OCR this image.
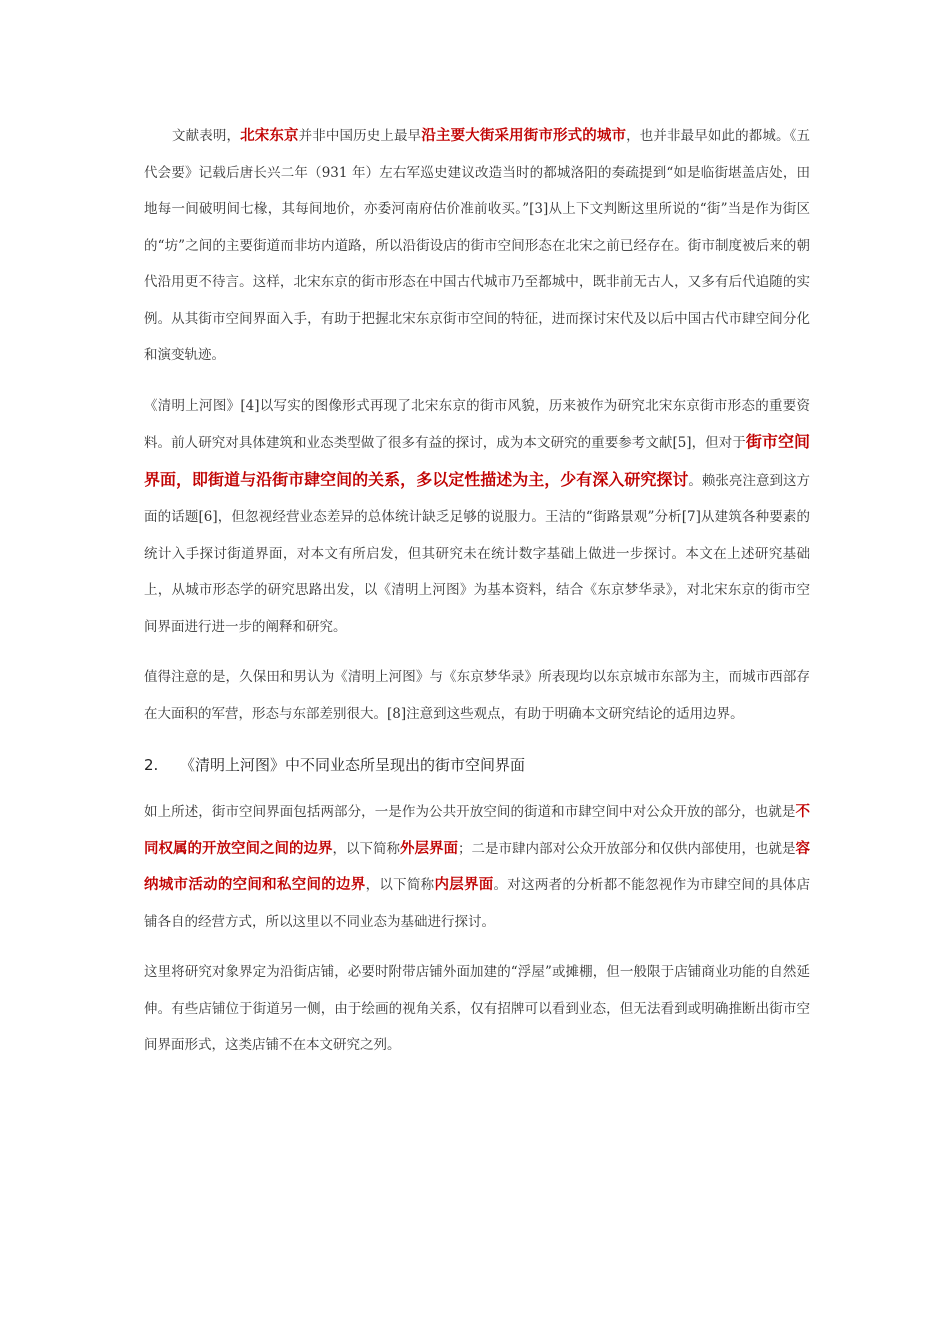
文献表明，北宋东京并非中国历史上最早沿主要大街采用街市形式的城市，也并非最早如此的都城。《五代会要》记载后唐长兴二年（931 年）左右军巡史建议改造当时的都城洛阳的奏疏提到“如是临街堪盖店处，田地每一间破明间七椽，其每间地价，亦委河南府估价准前收买。”[3]从上下文判断这里所说的“街”当是作为街区的“坊”之间的主要街道而非坊内道路，所以沿街设店的街市空间形态在北宋之前已经存在。街市制度被后来的朝代沿用更不待言。这样，北宋东京的街市形态在中国古代城市乃至都城中，既非前无古人，又多有后代追随的实例。从其街市空间界面入手，有助于把握北宋东京街市空间的特征，进而探讨宋代及以后中国古代市肆空间分化和演变轨迹。

《清明上河图》[4]以写实的图像形式再现了北宋东京的街市风貌，历来被作为研究北宋东京街市形态的重要资料。前人研究对具体建筑和业态类型做了很多有益的探讨，成为本文研究的重要参考文献[5]，但对于街市空间界面，即街道与沿街市肆空间的关系，多以定性描述为主，少有深入研究探讨。赖张亮注意到这方面的话题[6]，但忽视经营业态差异的总体统计缺乏足够的说服力。王洁的“街路景观”分析[7]从建筑各种要素的统计入手探讨街道界面，对本文有所启发，但其研究未在统计数字基础上做进一步探讨。本文在上述研究基础上，从城市形态学的研究思路出发，以《清明上河图》为基本资料，结合《东京梦华录》，对北宋东京的街市空间界面进行进一步的阐释和研究。

值得注意的是，久保田和男认为《清明上河图》与《东京梦华录》所表现均以东京城市东部为主，而城市西部存在大面积的军营，形态与东部差别很大。[8]注意到这些观点，有助于明确本文研究结论的适用边界。

2. 《清明上河图》中不同业态所呈现出的街市空间界面

如上所述，街市空间界面包括两部分，一是作为公共开放空间的街道和市肆空间中对公众开放的部分，也就是不同权属的开放空间之间的边界，以下简称外层界面；二是市肆内部对公众开放部分和仅供内部使用，也就是容纳城市活动的空间和私空间的边界，以下简称内层界面。对这两者的分析都不能忽视作为市肆空间的具体店铺各自的经营方式，所以这里以不同业态为基础进行探讨。

这里将研究对象界定为沿街店铺，必要时附带店铺外面加建的“浮屋”或摊棚，但一般限于店铺商业功能的自然延伸。有些店铺位于街道另一侧，由于绘画的视角关系，仅有招牌可以看到业态，但无法看到或明确推断出街市空间界面形式，这类店铺不在本文研究之列。
